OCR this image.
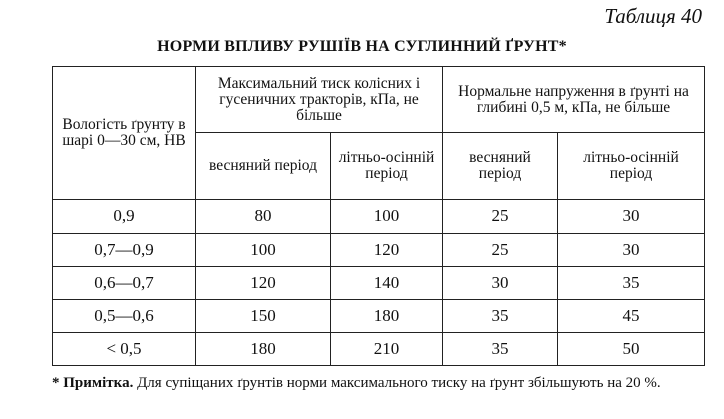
Таблиця 40
НОРМИ ВПЛИВУ РУШІЇВ НА СУГЛИННИЙ ҐРУНТ*
Вологість ґрунту в шарі 0—30 см, НВ	Максимальний тиск колісних і гусеничних тракторів, кПа, не більше		Нормальне напруження в ґрунті на глибині 0,5 м, кПа, не більше	
	весняний період	літньо-осінній період	весняний період	літньо-осінній період
0,9	80	100	25	30
0,7—0,9	100	120	25	30
0,6—0,7	120	140	30	35
0,5—0,6	150	180	35	45
< 0,5	180	210	35	50
* Примітка. Для супіщаних ґрунтів норми максимального тиску на ґрунт збільшують на 20 %.
